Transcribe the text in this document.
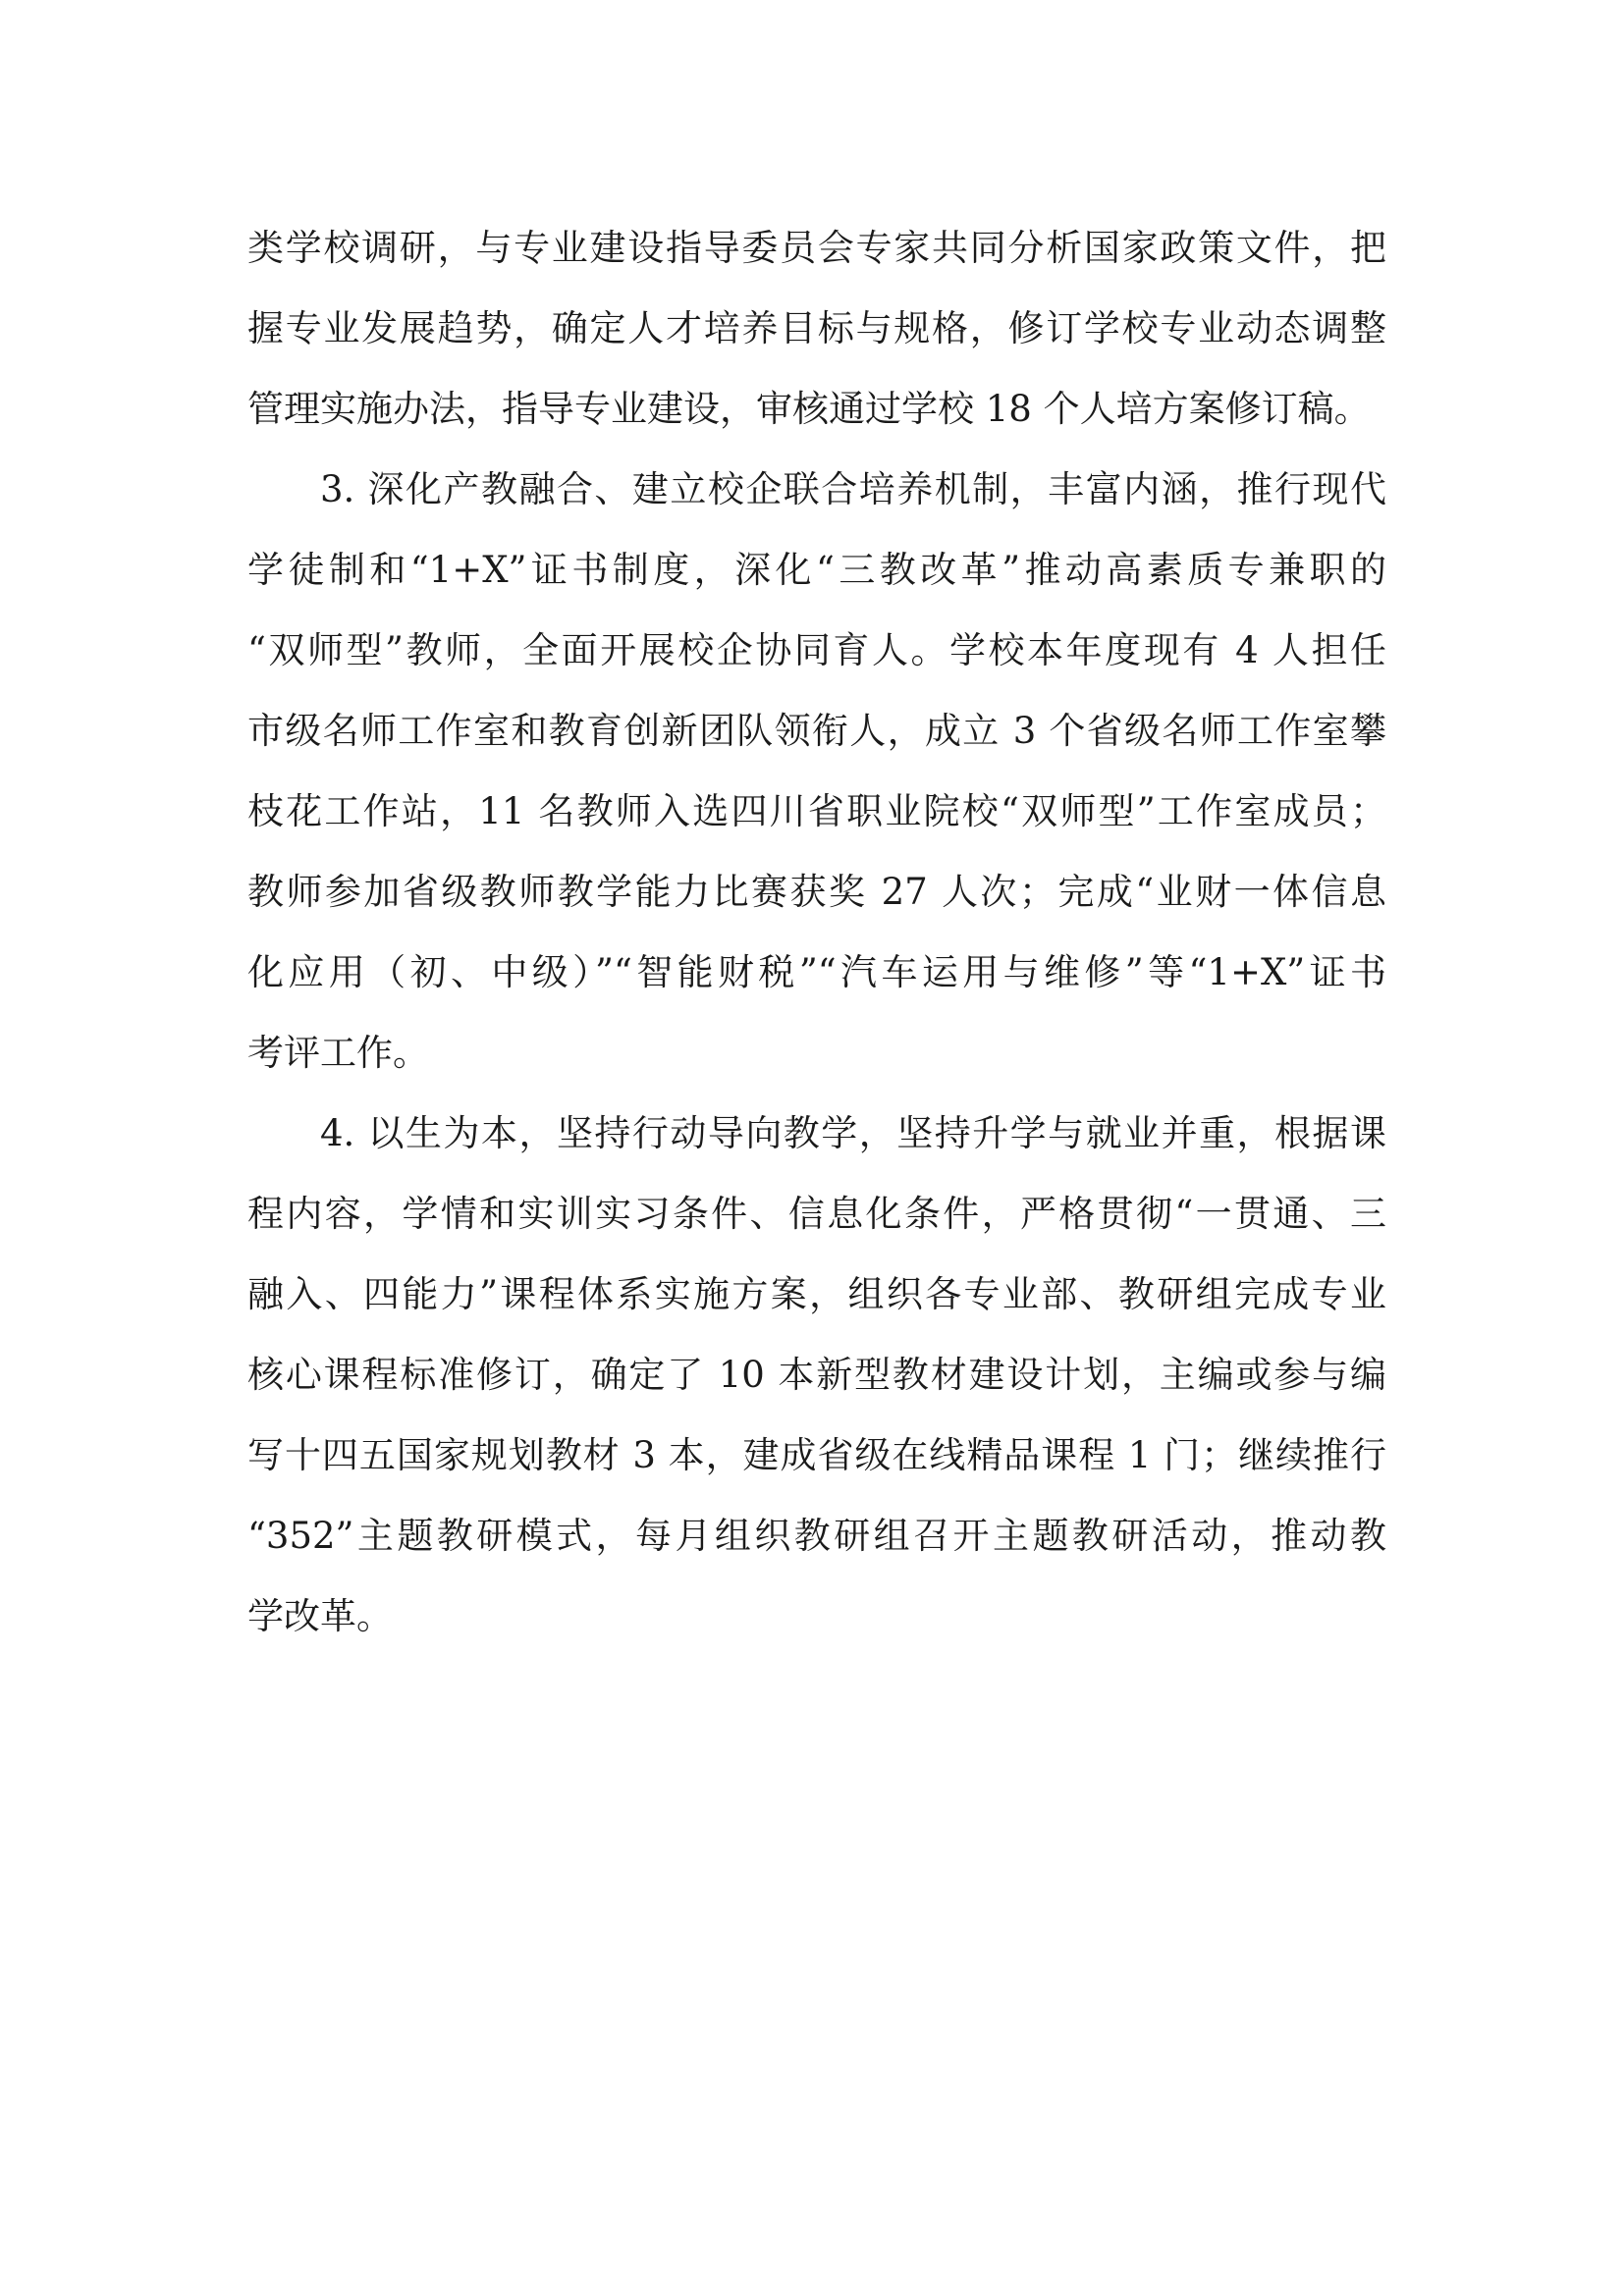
类学校调研，与专业建设指导委员会专家共同分析国家政策文件，把
握专业发展趋势，确定人才培养目标与规格，修订学校专业动态调整
管理实施办法，指导专业建设，审核通过学校 18 个人培方案修订稿。
3. 深化产教融合、建立校企联合培养机制，丰富内涵，推行现代
学徒制和“1+X”证书制度，深化“三教改革”推动高素质专兼职的
“双师型”教师，全面开展校企协同育人。学校本年度现有 4 人担任
市级名师工作室和教育创新团队领衔人，成立 3 个省级名师工作室攀
枝花工作站，11 名教师入选四川省职业院校“双师型”工作室成员；
教师参加省级教师教学能力比赛获奖 27 人次；完成“业财一体信息
化应用（初、中级）”“智能财税”“汽车运用与维修”等“1+X”证书
考评工作。
4. 以生为本，坚持行动导向教学，坚持升学与就业并重，根据课
程内容，学情和实训实习条件、信息化条件，严格贯彻“一贯通、三
融入、四能力”课程体系实施方案，组织各专业部、教研组完成专业
核心课程标准修订，确定了 10 本新型教材建设计划，主编或参与编
写十四五国家规划教材 3 本，建成省级在线精品课程 1 门；继续推行
“352”主题教研模式，每月组织教研组召开主题教研活动，推动教
学改革。
